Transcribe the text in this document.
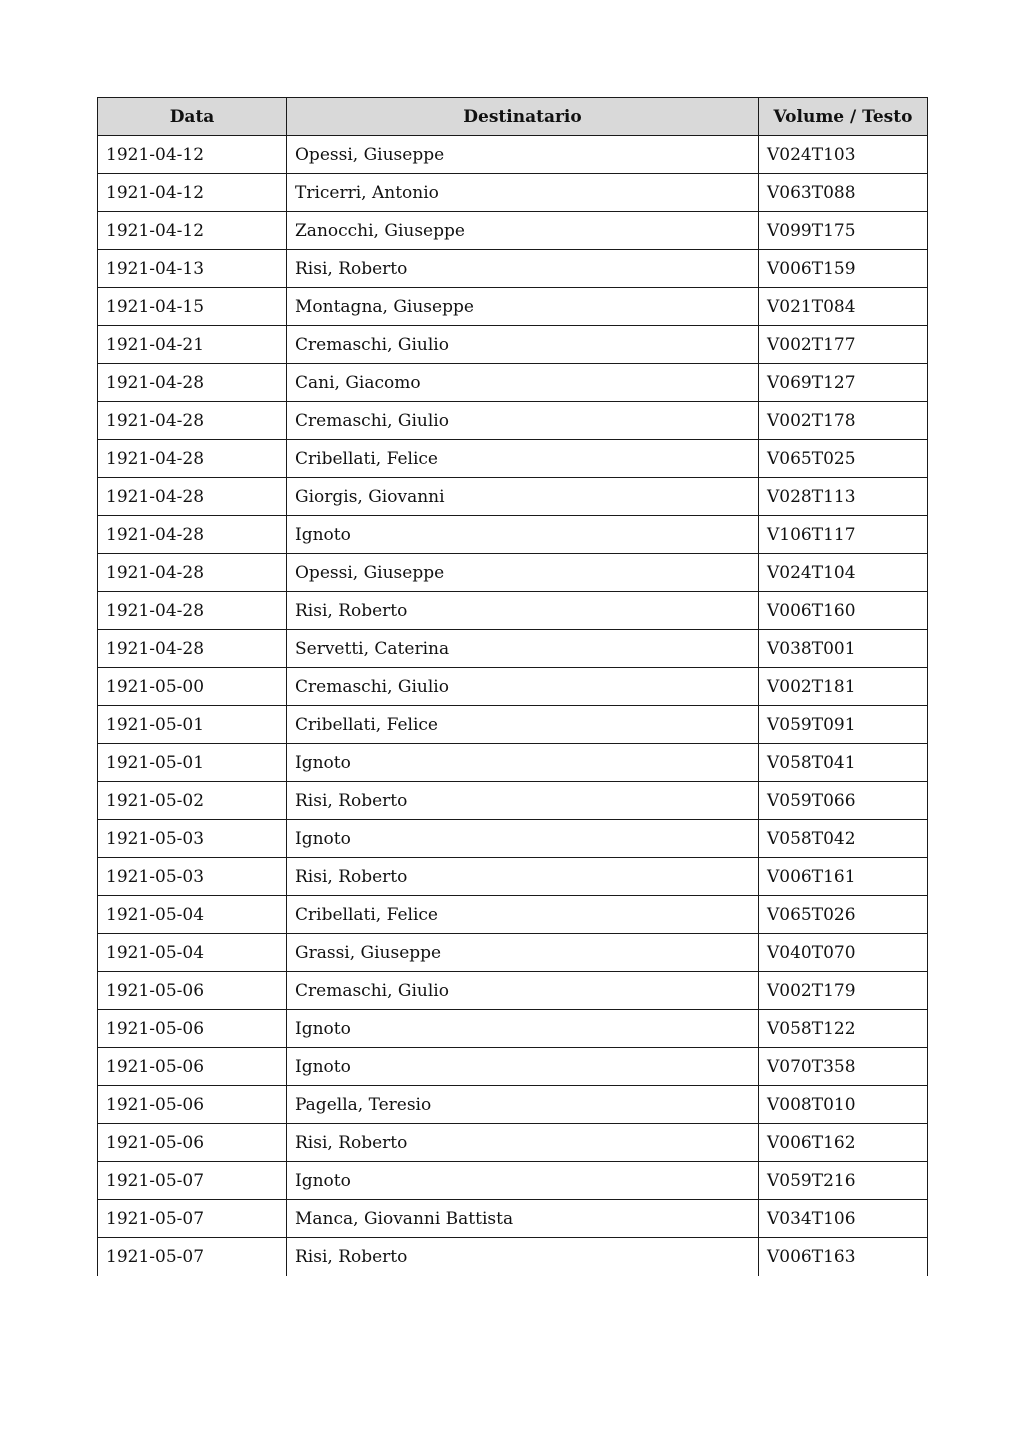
Data	Destinatario	Volume / Testo
1921-04-12	Opessi, Giuseppe	V024T103
1921-04-12	Tricerri, Antonio	V063T088
1921-04-12	Zanocchi, Giuseppe	V099T175
1921-04-13	Risi, Roberto	V006T159
1921-04-15	Montagna, Giuseppe	V021T084
1921-04-21	Cremaschi, Giulio	V002T177
1921-04-28	Cani, Giacomo	V069T127
1921-04-28	Cremaschi, Giulio	V002T178
1921-04-28	Cribellati, Felice	V065T025
1921-04-28	Giorgis, Giovanni	V028T113
1921-04-28	Ignoto	V106T117
1921-04-28	Opessi, Giuseppe	V024T104
1921-04-28	Risi, Roberto	V006T160
1921-04-28	Servetti, Caterina	V038T001
1921-05-00	Cremaschi, Giulio	V002T181
1921-05-01	Cribellati, Felice	V059T091
1921-05-01	Ignoto	V058T041
1921-05-02	Risi, Roberto	V059T066
1921-05-03	Ignoto	V058T042
1921-05-03	Risi, Roberto	V006T161
1921-05-04	Cribellati, Felice	V065T026
1921-05-04	Grassi, Giuseppe	V040T070
1921-05-06	Cremaschi, Giulio	V002T179
1921-05-06	Ignoto	V058T122
1921-05-06	Ignoto	V070T358
1921-05-06	Pagella, Teresio	V008T010
1921-05-06	Risi, Roberto	V006T162
1921-05-07	Ignoto	V059T216
1921-05-07	Manca, Giovanni Battista	V034T106
1921-05-07	Risi, Roberto	V006T163
